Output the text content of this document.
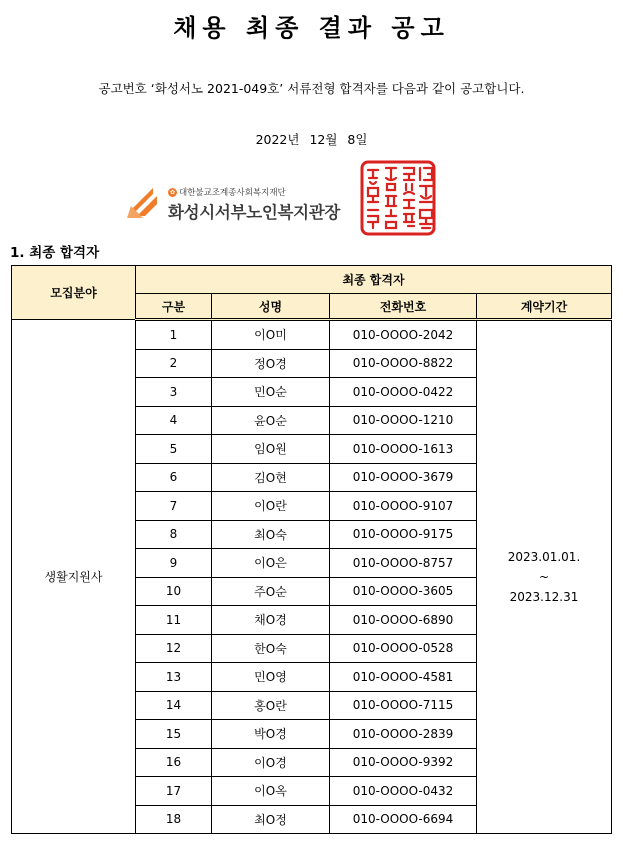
채용 최종 결과 공고
공고번호 ‘화성서노 2021-049호’ 서류전형 합격자를 다음과 같이 공고합니다.
2022년 12월 8일
✿ 대한불교조계종사회복지재단
화성시서부노인복지관장
1. 최종 합격자
모집분야	최종 합격자			
	구분	성명	전화번호	계약기간
생활지원사	1	이O미	010-OOOO-2042	2023.01.01.
~
2023.12.31

	2	정O경	010-OOOO-8822	
	3	민O순	010-OOOO-0422	
	4	윤O순	010-OOOO-1210	
	5	임O원	010-OOOO-1613	
	6	김O현	010-OOOO-3679	
	7	이O란	010-OOOO-9107	
	8	최O숙	010-OOOO-9175	
	9	이O은	010-OOOO-8757	
	10	주O순	010-OOOO-3605	
	11	채O경	010-OOOO-6890	
	12	한O숙	010-OOOO-0528	
	13	민O영	010-OOOO-4581	
	14	홍O란	010-OOOO-7115	
	15	박O경	010-OOOO-2839	
	16	이O경	010-OOOO-9392	
	17	이O옥	010-OOOO-0432	
	18	최O정	010-OOOO-6694	
